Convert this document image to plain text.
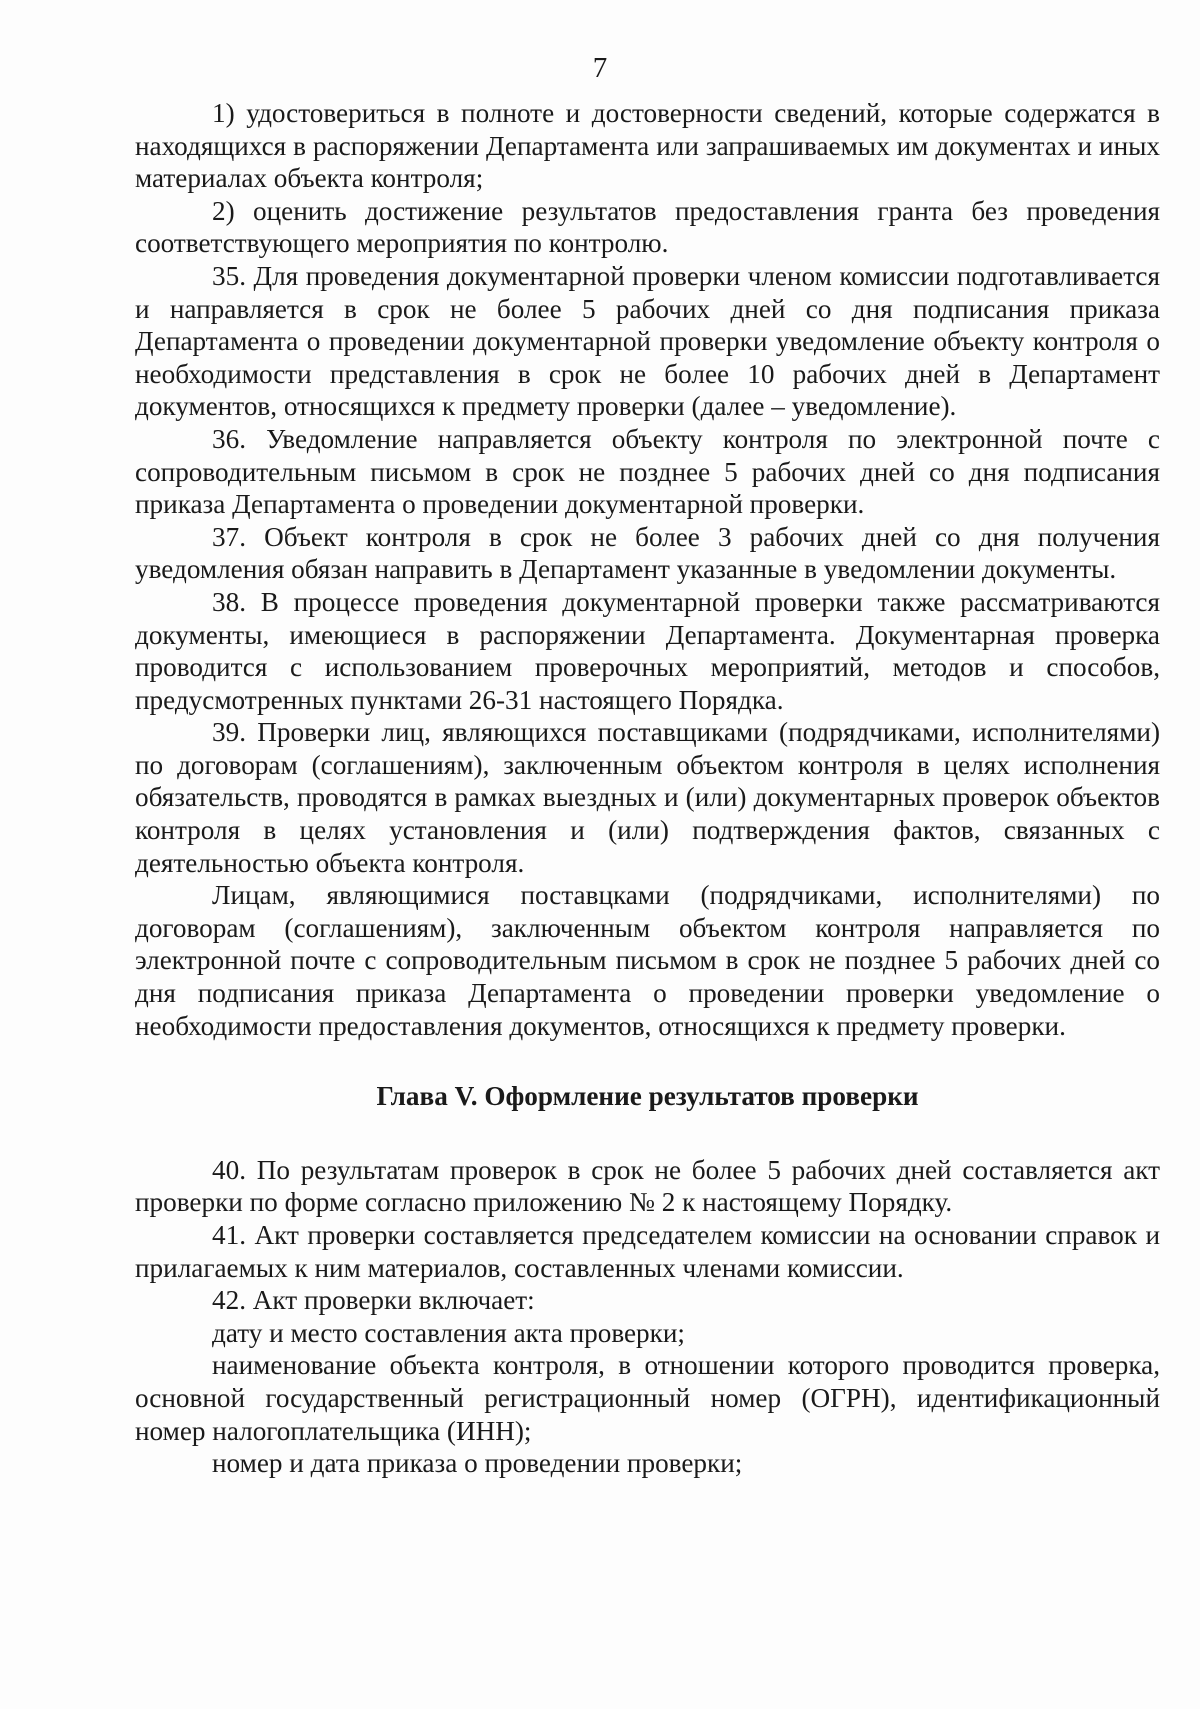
7

1) удостовериться в полноте и достоверности сведений, которые содержатся в находящихся в распоряжении Департамента или запрашиваемых им документах и иных материалах объекта контроля;

2) оценить достижение результатов предоставления гранта без проведения соответствующего мероприятия по контролю.

35. Для проведения документарной проверки членом комиссии подготавливается и направляется в срок не более 5 рабочих дней со дня подписания приказа Департамента о проведении документарной проверки уведомление объекту контроля о необходимости представления в срок не более 10 рабочих дней в Департамент документов, относящихся к предмету проверки (далее – уведомление).

36. Уведомление направляется объекту контроля по электронной почте с сопроводительным письмом в срок не позднее 5 рабочих дней со дня подписания приказа Департамента о проведении документарной проверки.

37. Объект контроля в срок не более 3 рабочих дней со дня получения уведомления обязан направить в Департамент указанные в уведомлении документы.

38. В процессе проведения документарной проверки также рассматриваются документы, имеющиеся в распоряжении Департамента. Документарная проверка проводится с использованием проверочных мероприятий, методов и способов, предусмотренных пунктами 26-31 настоящего Порядка.

39. Проверки лиц, являющихся поставщиками (подрядчиками, исполнителями) по договорам (соглашениям), заключенным объектом контроля в целях исполнения обязательств, проводятся в рамках выездных и (или) документарных проверок объектов контроля в целях установления и (или) подтверждения фактов, связанных с деятельностью объекта контроля.

Лицам, являющимися поставцками (подрядчиками, исполнителями) по договорам (соглашениям), заключенным объектом контроля направляется по электронной почте с сопроводительным письмом в срок не позднее 5 рабочих дней со дня подписания приказа Департамента о проведении проверки уведомление о необходимости предоставления документов, относящихся к предмету проверки.

Глава V. Оформление результатов проверки

40. По результатам проверок в срок не более 5 рабочих дней составляется акт проверки по форме согласно приложению № 2 к настоящему Порядку.

41. Акт проверки составляется председателем комиссии на основании справок и прилагаемых к ним материалов, составленных членами комиссии.

42. Акт проверки включает:

дату и место составления акта проверки;

наименование объекта контроля, в отношении которого проводится проверка, основной государственный регистрационный номер (ОГРН), идентификационный номер налогоплательщика (ИНН);

номер и дата приказа о проведении проверки;
